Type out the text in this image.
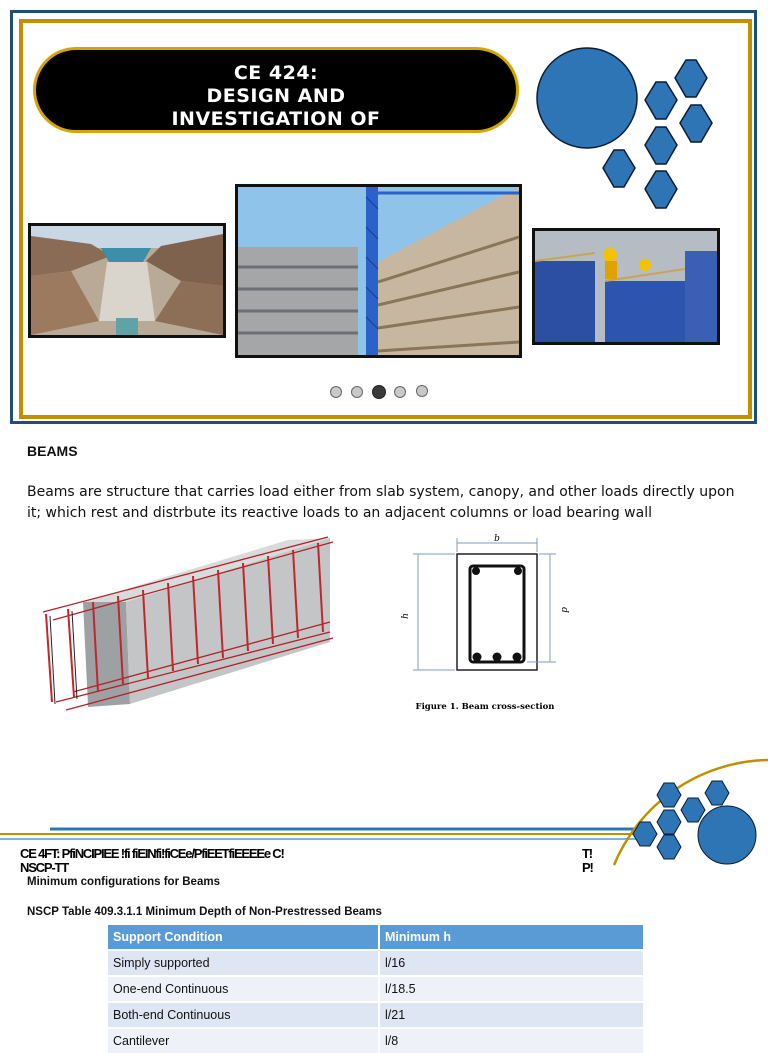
CE 424:
DESIGN AND
INVESTIGATION OF
BEAMS
BEAMS
Beams are structure that carries load either from slab system, canopy, and other loads directly upon it; which rest and distrbute its reactive loads to an adjacent columns or load bearing wall
b
h
d
Figure 1. Beam cross-section
CE 4FT: PfiNCIPIEE !fi fiEINfi!fiCEe/PfiEETfiEEEEe C!
NSCP-TT
T!
P!
Minimum configurations for Beams
NSCP Table 409.3.1.1 Minimum Depth of Non-Prestressed Beams
Support Condition	Minimum h
Simply supported	l/16
One-end Continuous	l/18.5
Both-end Continuous	l/21
Cantilever	l/8
